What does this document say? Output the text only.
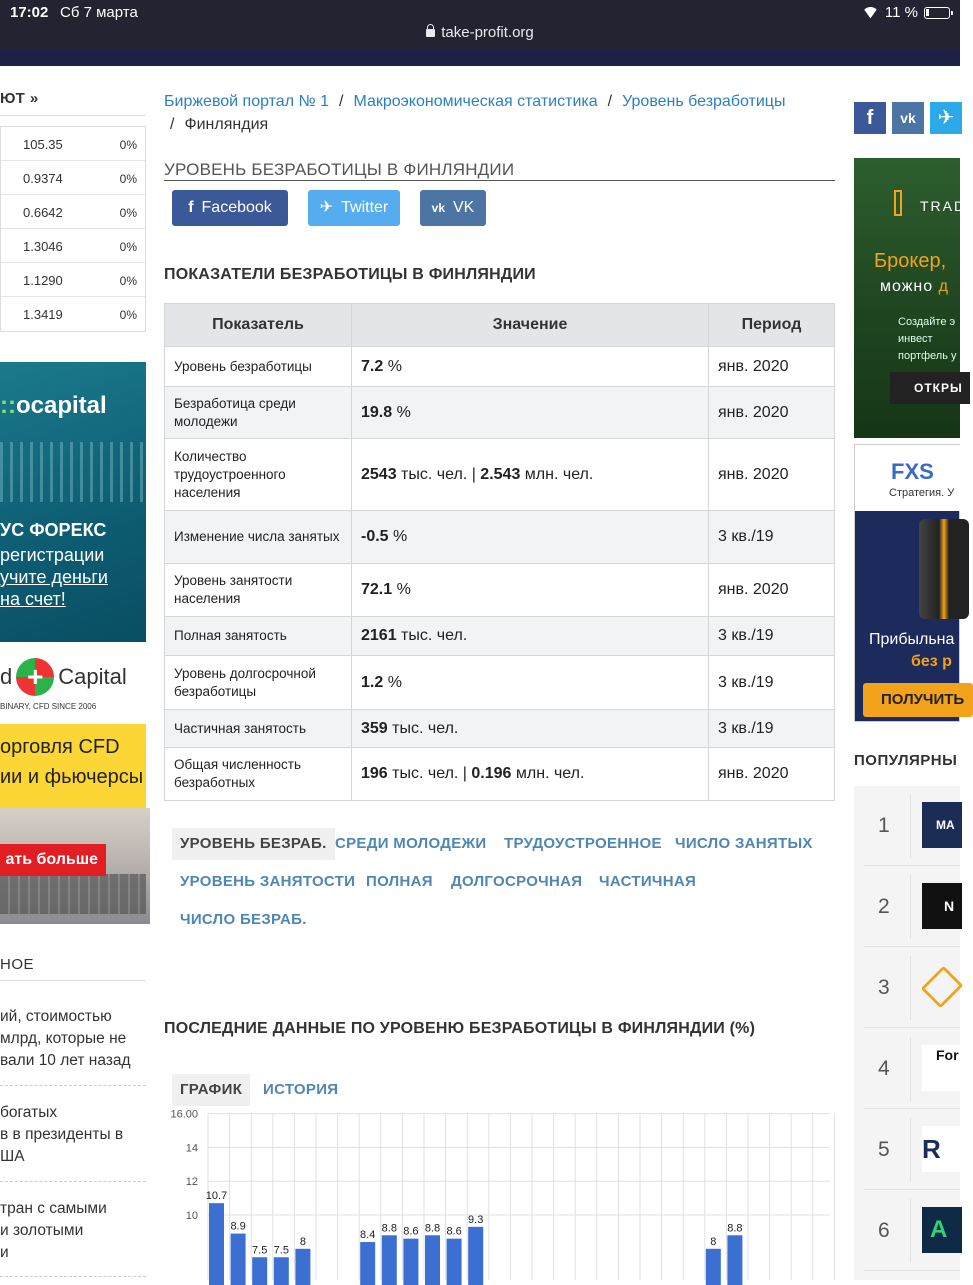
17:02 Сб 7 марта
take-profit.org
11 %
ЮТ »
105.35	0%
0.9374	0%
0.6642	0%
1.3046	0%
1.1290	0%
1.3419	0%
::ocapital
УС ФОРЕКС
регистрации
учите деньги
на счет!
d + Capital
BINARY, CFD SINCE 2006
орговля CFD
ии и фьючерсы
ать больше
НОЕ
ий, стоимостью
млрд, которые не
вали 10 лет назад
богатых
в в президенты в
ША
тран с самыми
и золотыми
и
Биржевой портал № 1 / Макроэкономическая статистика / Уровень безработицы
/ Финляндия
УРОВЕНЬ БЕЗРАБОТИЦЫ В ФИНЛЯНДИИ
f Facebook	✈ Twitter	vk VK
ПОКАЗАТЕЛИ БЕЗРАБОТИЦЫ В ФИНЛЯНДИИ
Показатель	Значение	Период
Уровень безработицы	7.2 %	янв. 2020
Безработица среди молодежи	19.8 %	янв. 2020
Количество трудоустроенного населения	2543 тыс. чел. | 2.543 млн. чел.	янв. 2020
Изменение числа занятых	-0.5 %	3 кв./19
Уровень занятости населения	72.1 %	янв. 2020
Полная занятость	2161 тыс. чел.	3 кв./19
Уровень долгосрочной безработицы	1.2 %	3 кв./19
Частичная занятость	359 тыс. чел.	3 кв./19
Общая численность безработных	196 тыс. чел. | 0.196 млн. чел.	янв. 2020
УРОВЕНЬ БЕЗРАБ. СРЕДИ МОЛОДЕЖИ	ТРУДОУСТРОЕННОЕ ЧИСЛО ЗАНЯТЫХ
УРОВЕНЬ ЗАНЯТОСТИ ПОЛНАЯ	ДОЛГОСРОЧНАЯ	ЧАСТИЧНАЯ
ЧИСЛО БЕЗРАБ.
ПОСЛЕДНИЕ ДАННЫЕ ПО УРОВЕНЮ БЕЗРАБОТИЦЫ В ФИНЛЯНДИИ (%)
ГРАФИК	ИСТОРИЯ
10
12
14
16.00
10.7
8.9
7.5 7.5
8
8.4
8.8 8.6 8.8 8.6
9.3
8
8.8
f	vk	✈
TRAD
Брокер,
можно д
Создайте э
инвест
портфель у
ОТКРЫ
FXS
Стратегия. У
Прибыльна
без р
ПОЛУЧИТЬ
ПОПУЛЯРНЫ
1	MA
2	N
3
4
For
5 R
6	A
